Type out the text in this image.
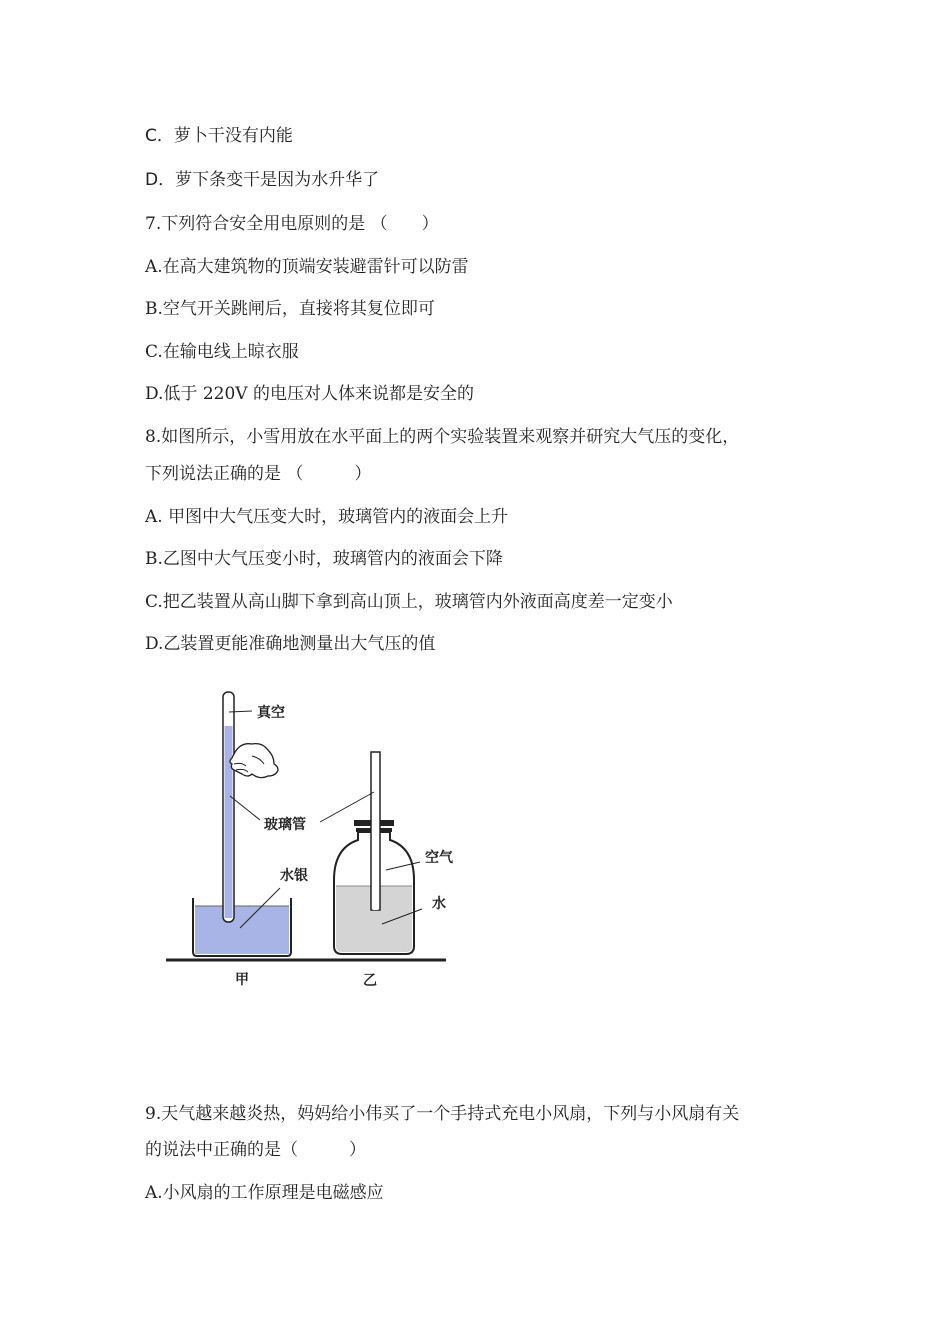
C．萝卜干没有内能
D．萝下条变干是因为水升华了
7.下列符合安全用电原则的是 （　　）
A.在高大建筑物的顶端安装避雷针可以防雷
B.空气开关跳闸后，直接将其复位即可
C.在输电线上晾衣服
D.低于 220V 的电压对人体来说都是安全的
8.如图所示，小雪用放在水平面上的两个实验装置来观察并研究大气压的变化，
下列说法正确的是 （　　　）
A. 甲图中大气压变大时，玻璃管内的液面会上升
B.乙图中大气压变小时，玻璃管内的液面会下降
C.把乙装置从高山脚下拿到高山顶上，玻璃管内外液面高度差一定变小
D.乙装置更能准确地测量出大气压的值
真空
玻璃管
水银
甲
空气
水
乙
9.天气越来越炎热，妈妈给小伟买了一个手持式充电小风扇，下列与小风扇有关
的说法中正确的是（　　　）
A.小风扇的工作原理是电磁感应
